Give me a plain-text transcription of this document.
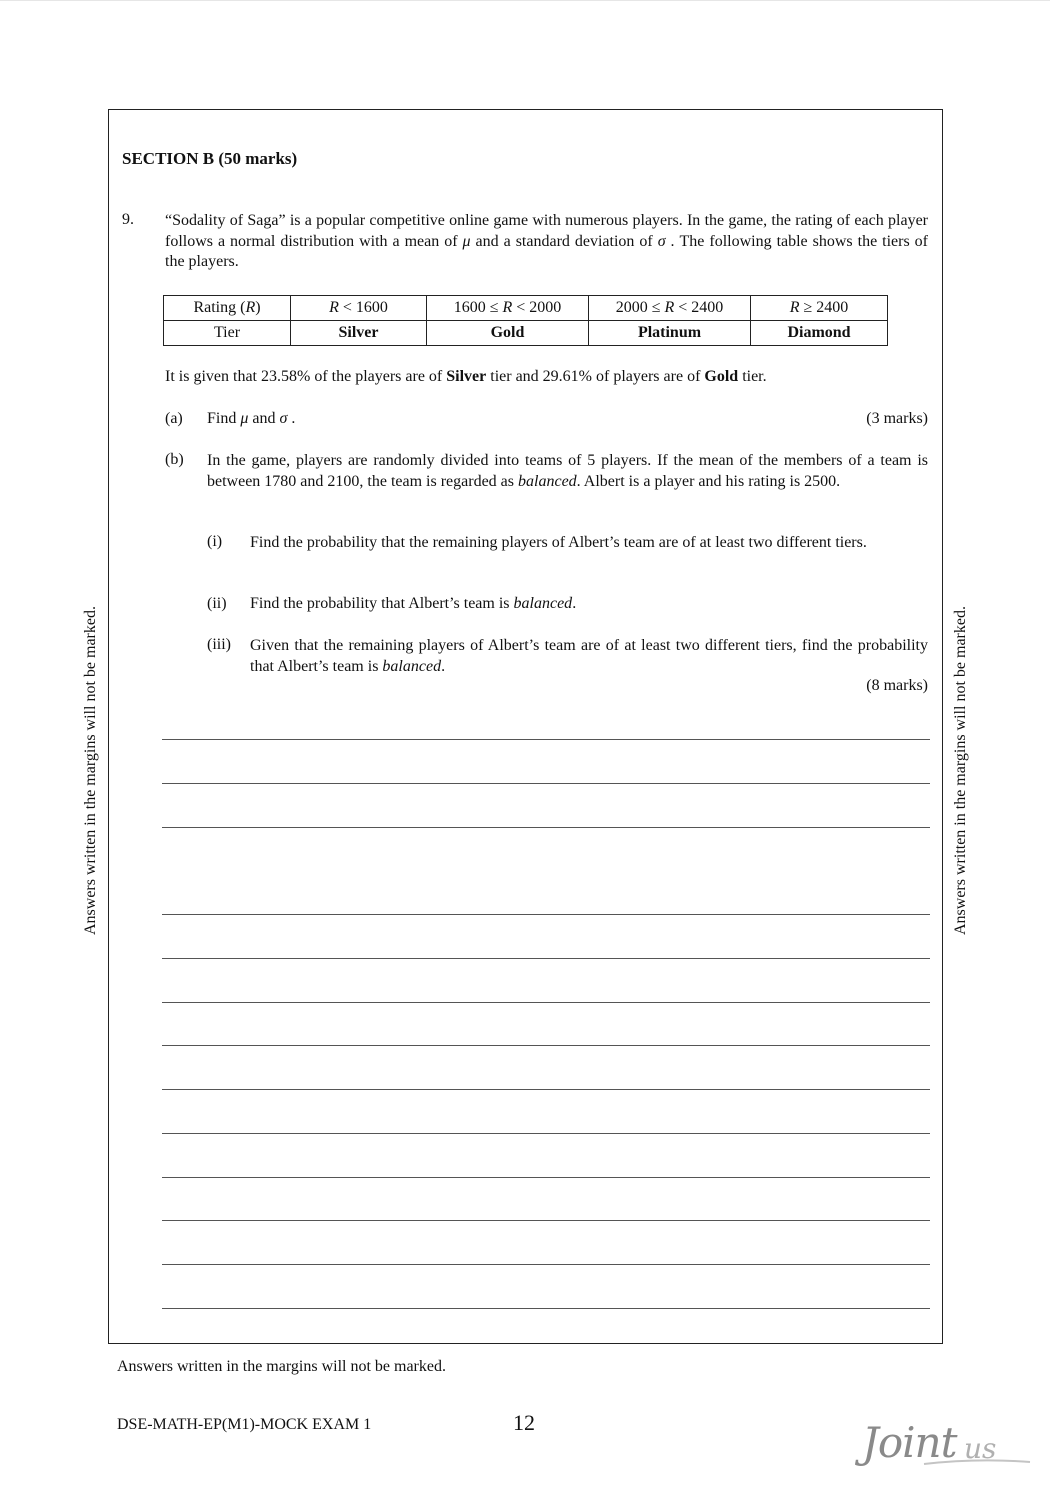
SECTION B (50 marks)
9. “Sodality of Saga” is a popular competitive online game with numerous players. In the game, the rating of each player follows a normal distribution with a mean of μ and a standard deviation of σ . The following table shows the tiers of the players.
Rating (R)	R < 1600	1600 ≤ R < 2000	2000 ≤ R < 2400	R ≥ 2400
Tier	Silver	Gold	Platinum	Diamond
It is given that 23.58% of the players are of Silver tier and 29.61% of players are of Gold tier.
(a) Find μ and σ .	(3 marks)
(b) In the game, players are randomly divided into teams of 5 players. If the mean of the members of a team is between 1780 and 2100, the team is regarded as balanced. Albert is a player and his rating is 2500.
(i) Find the probability that the remaining players of Albert’s team are of at least two different tiers.
(ii) Find the probability that Albert’s team is balanced.
(iii) Given that the remaining players of Albert’s team are of at least two different tiers, find the probability that Albert’s team is balanced.
(8 marks)
Answers written in the margins will not be marked.	Answers written in the margins will not be marked.
Answers written in the margins will not be marked.
DSE-MATH-EP(M1)-MOCK EXAM 1	12	Joint us
